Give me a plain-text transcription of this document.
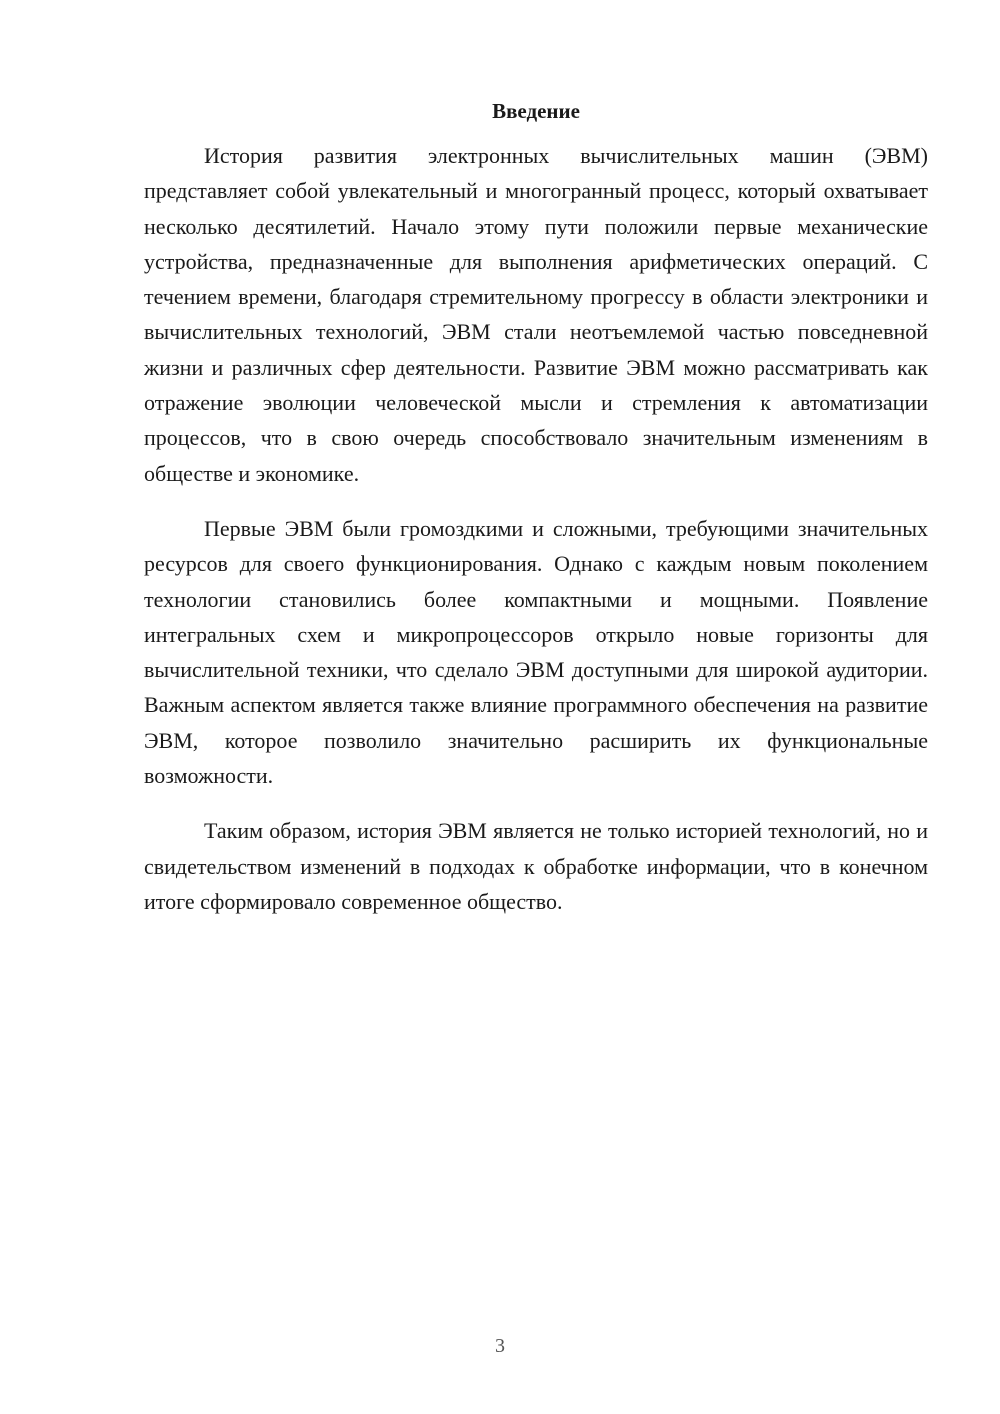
Введение

История развития электронных вычислительных машин (ЭВМ) представляет собой увлекательный и многогранный процесс, который охватывает несколько десятилетий. Начало этому пути положили первые механические устройства, предназначенные для выполнения арифметических операций. С течением времени, благодаря стремительному прогрессу в области электроники и вычислительных технологий, ЭВМ стали неотъемлемой частью повседневной жизни и различных сфер деятельности. Развитие ЭВМ можно рассматривать как отражение эволюции человеческой мысли и стремления к автоматизации процессов, что в свою очередь способствовало значительным изменениям в обществе и экономике.

Первые ЭВМ были громоздкими и сложными, требующими значительных ресурсов для своего функционирования. Однако с каждым новым поколением технологии становились более компактными и мощными. Появление интегральных схем и микропроцессоров открыло новые горизонты для вычислительной техники, что сделало ЭВМ доступными для широкой аудитории. Важным аспектом является также влияние программного обеспечения на развитие ЭВМ, которое позволило значительно расширить их функциональные возможности.

Таким образом, история ЭВМ является не только историей технологий, но и свидетельством изменений в подходах к обработке информации, что в конечном итоге сформировало современное общество.

3
